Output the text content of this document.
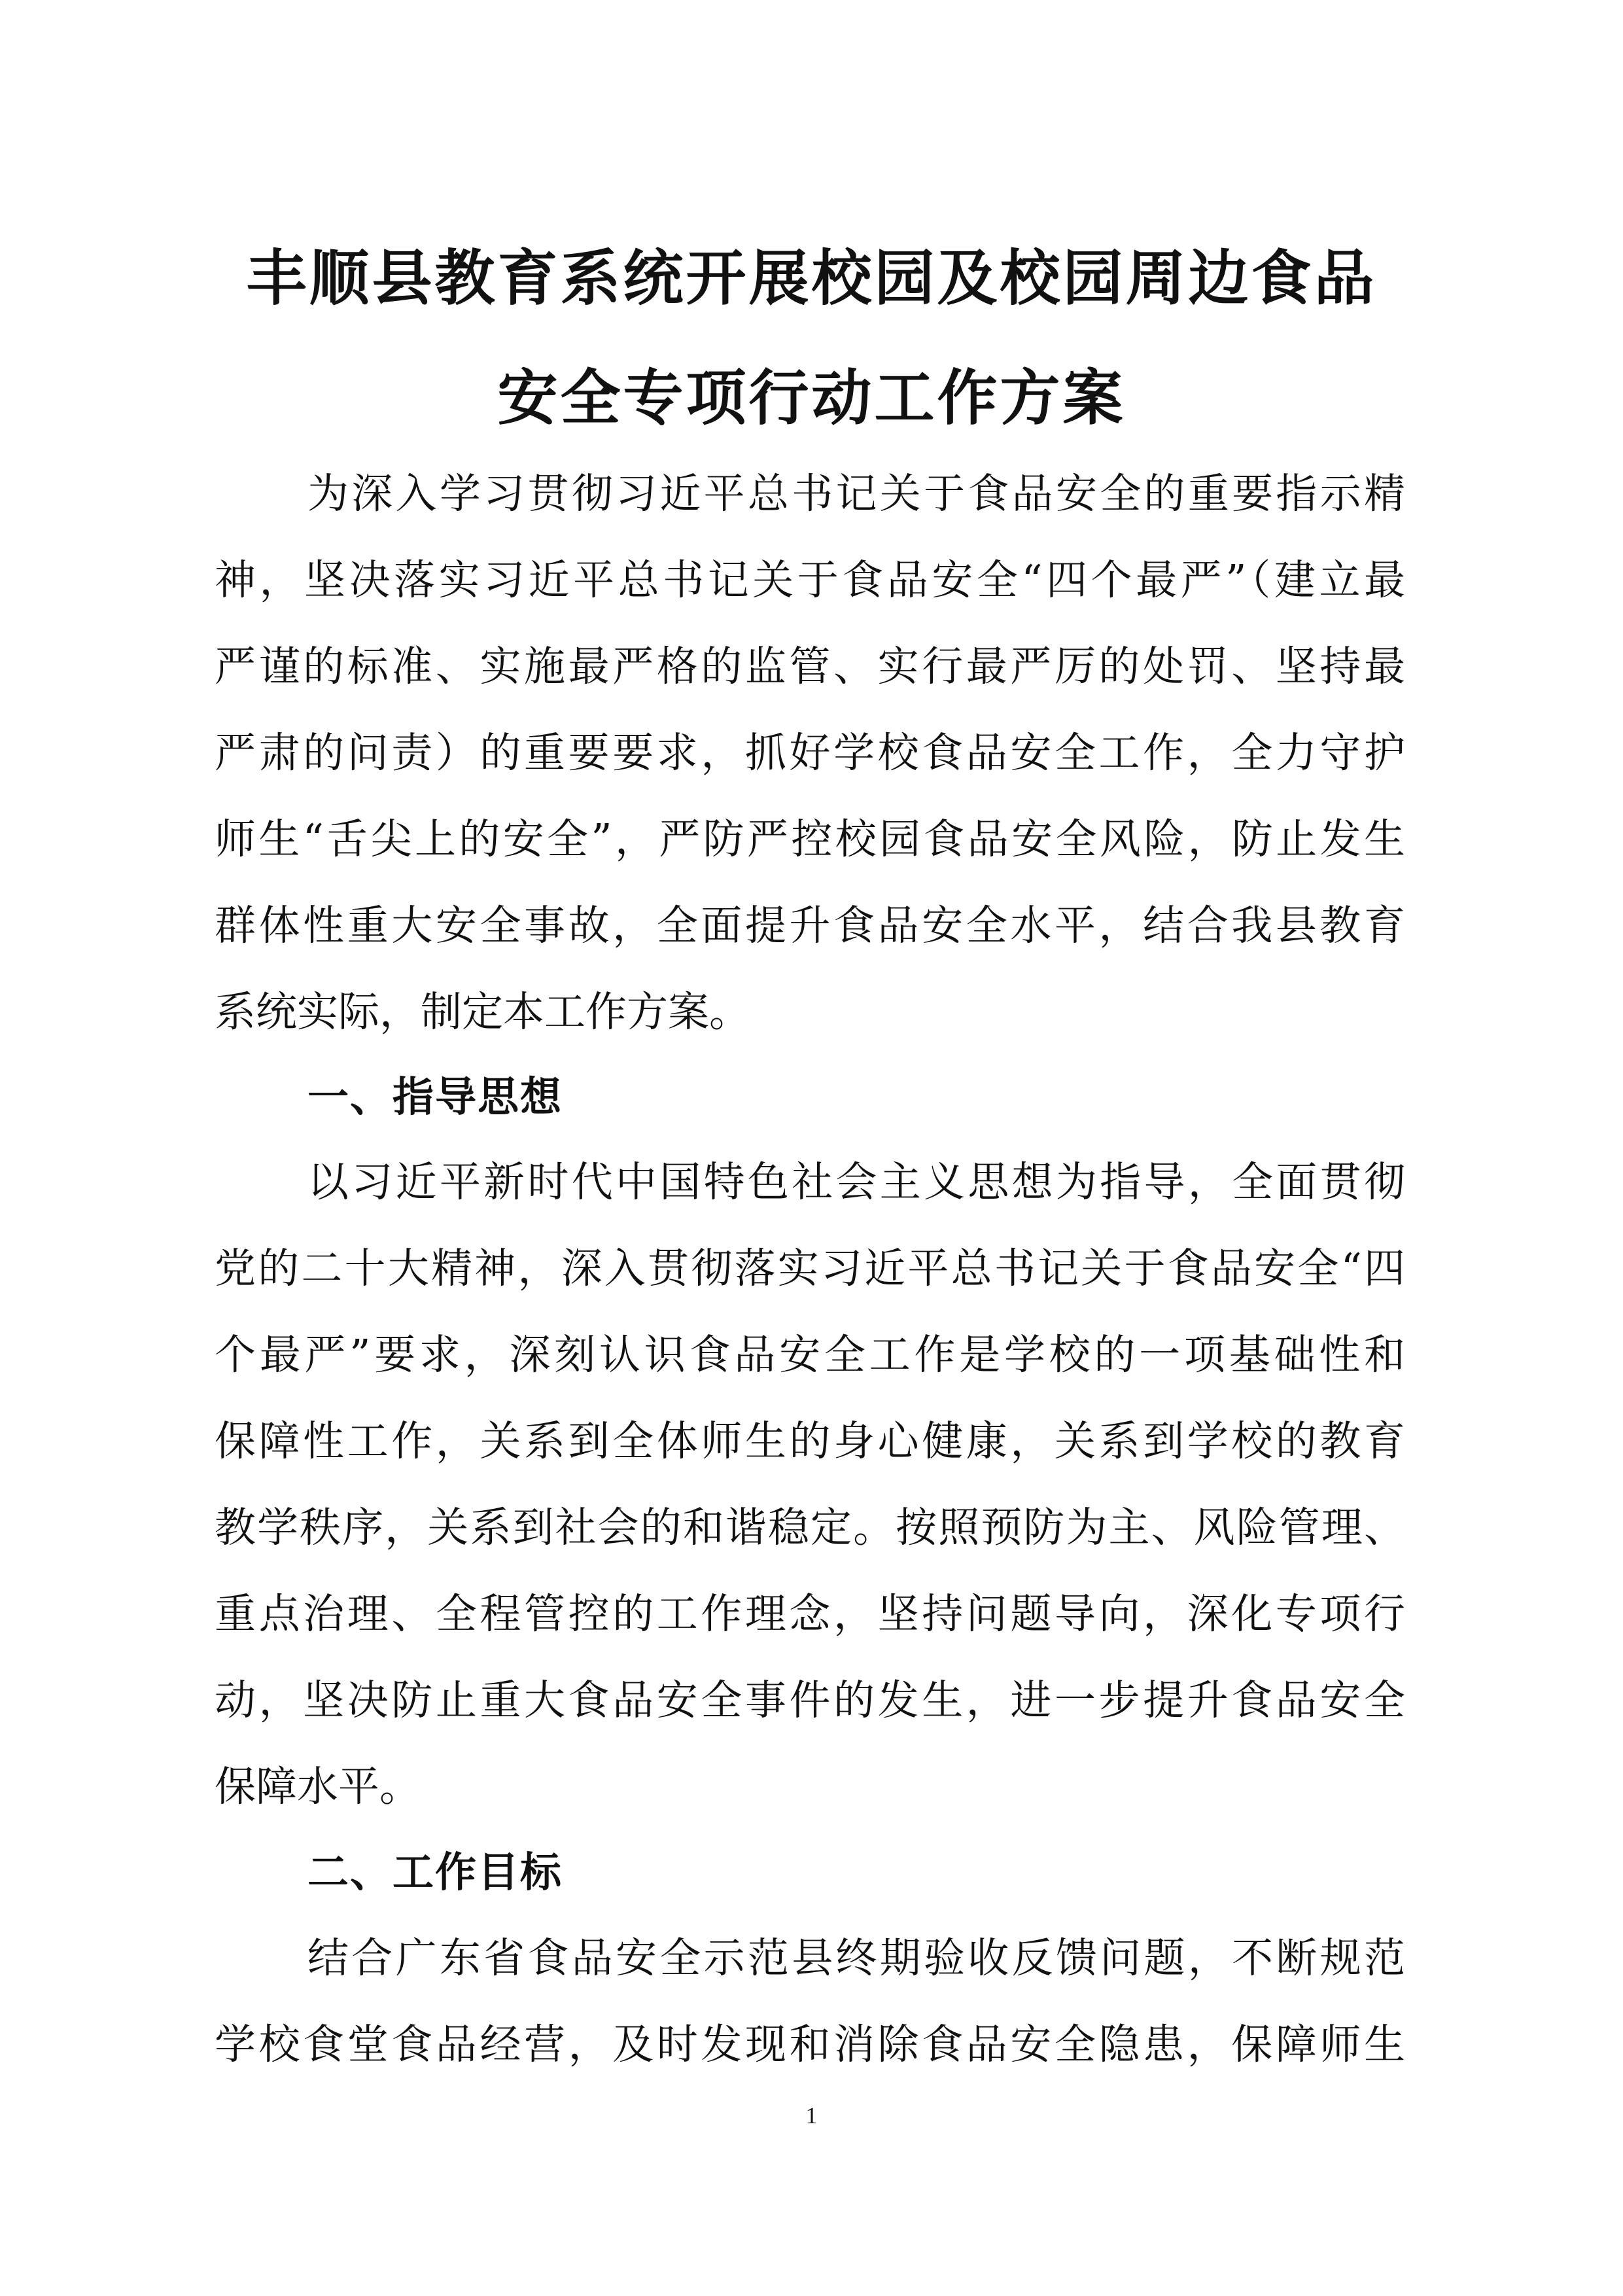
丰顺县教育系统开展校园及校园周边食品
安全专项行动工作方案
为深入学习贯彻习近平总书记关于食品安全的重要指示精
神，坚决落实习近平总书记关于食品安全“四个最严”（建立最
严谨的标准、实施最严格的监管、实行最严厉的处罚、坚持最
严肃的问责）的重要要求，抓好学校食品安全工作，全力守护
师生“舌尖上的安全”，严防严控校园食品安全风险，防止发生
群体性重大安全事故，全面提升食品安全水平，结合我县教育
系统实际，制定本工作方案。
一、指导思想
以习近平新时代中国特色社会主义思想为指导，全面贯彻
党的二十大精神，深入贯彻落实习近平总书记关于食品安全“四
个最严”要求，深刻认识食品安全工作是学校的一项基础性和
保障性工作，关系到全体师生的身心健康，关系到学校的教育
教学秩序，关系到社会的和谐稳定。按照预防为主、风险管理、
重点治理、全程管控的工作理念，坚持问题导向，深化专项行
动，坚决防止重大食品安全事件的发生，进一步提升食品安全
保障水平。
二、工作目标
结合广东省食品安全示范县终期验收反馈问题，不断规范
学校食堂食品经营，及时发现和消除食品安全隐患，保障师生
1
